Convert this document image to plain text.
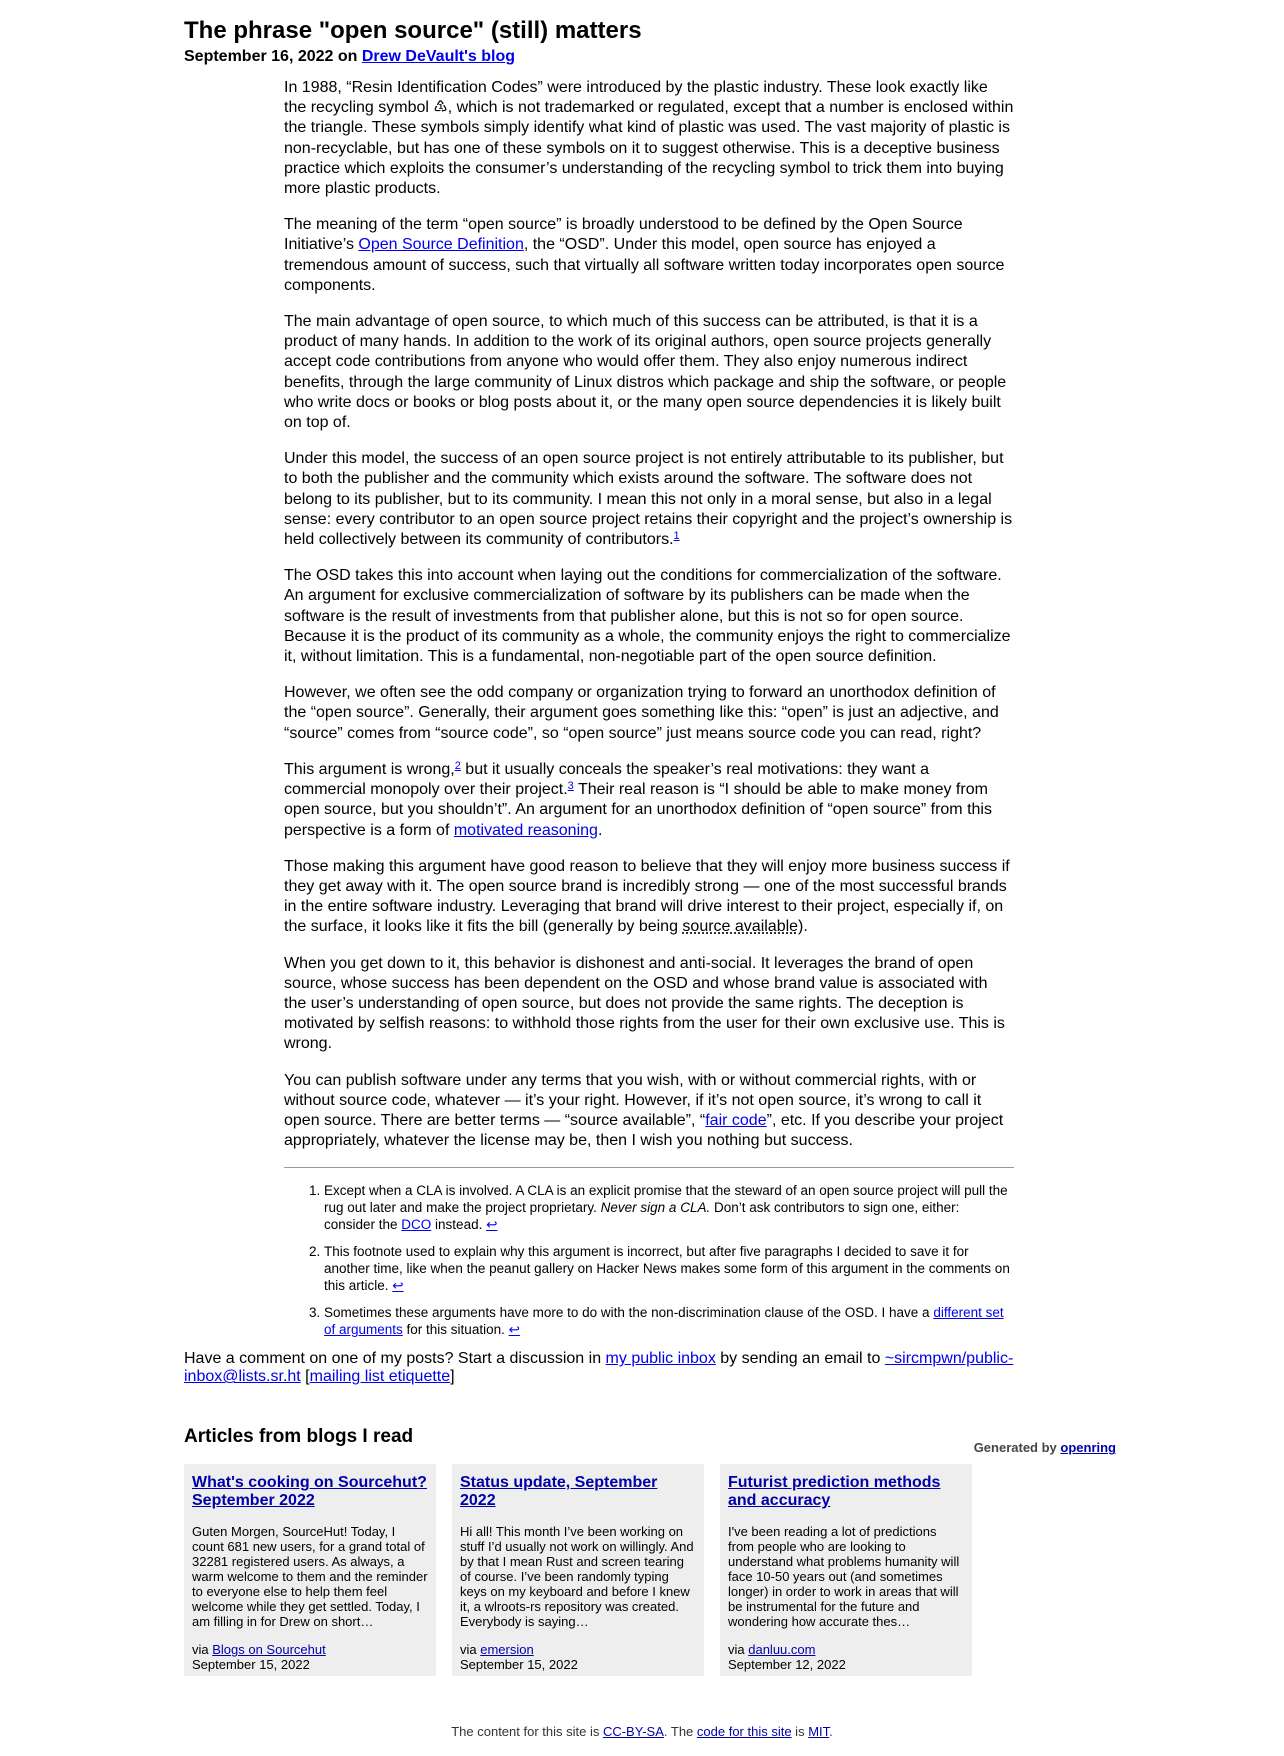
The phrase "open source" (still) matters
September 16, 2022 on Drew DeVault's blog

In 1988, “Resin Identification Codes” were introduced by the plastic industry. These look exactly like the recycling symbol ♳, which is not trademarked or regulated, except that a number is enclosed within the triangle. These symbols simply identify what kind of plastic was used. The vast majority of plastic is non-recyclable, but has one of these symbols on it to suggest otherwise. This is a deceptive business practice which exploits the consumer’s understanding of the recycling symbol to trick them into buying more plastic products.

The meaning of the term “open source” is broadly understood to be defined by the Open Source Initiative’s Open Source Definition, the “OSD”. Under this model, open source has enjoyed a tremendous amount of success, such that virtually all software written today incorporates open source components.

The main advantage of open source, to which much of this success can be attributed, is that it is a product of many hands. In addition to the work of its original authors, open source projects generally accept code contributions from anyone who would offer them. They also enjoy numerous indirect benefits, through the large community of Linux distros which package and ship the software, or people who write docs or books or blog posts about it, or the many open source dependencies it is likely built on top of.

Under this model, the success of an open source project is not entirely attributable to its publisher, but to both the publisher and the community which exists around the software. The software does not belong to its publisher, but to its community. I mean this not only in a moral sense, but also in a legal sense: every contributor to an open source project retains their copyright and the project’s ownership is held collectively between its community of contributors.$^1$

The OSD takes this into account when laying out the conditions for commercialization of the software. An argument for exclusive commercialization of software by its publishers can be made when the software is the result of investments from that publisher alone, but this is not so for open source. Because it is the product of its community as a whole, the community enjoys the right to commercialize it, without limitation. This is a fundamental, non-negotiable part of the open source definition.

However, we often see the odd company or organization trying to forward an unorthodox definition of the “open source”. Generally, their argument goes something like this: “open” is just an adjective, and “source” comes from “source code”, so “open source” just means source code you can read, right?

This argument is wrong,$^2$ but it usually conceals the speaker’s real motivations: they want a commercial monopoly over their project.$^3$ Their real reason is “I should be able to make money from open source, but you shouldn’t”. An argument for an unorthodox definition of “open source” from this perspective is a form of motivated reasoning.

Those making this argument have good reason to believe that they will enjoy more business success if they get away with it. The open source brand is incredibly strong — one of the most successful brands in the entire software industry. Leveraging that brand will drive interest to their project, especially if, on the surface, it looks like it fits the bill (generally by being source available).

When you get down to it, this behavior is dishonest and anti-social. It leverages the brand of open source, whose success has been dependent on the OSD and whose brand value is associated with the user’s understanding of open source, but does not provide the same rights. The deception is motivated by selfish reasons: to withhold those rights from the user for their own exclusive use. This is wrong.

You can publish software under any terms that you wish, with or without commercial rights, with or without source code, whatever — it’s your right. However, if it’s not open source, it’s wrong to call it open source. There are better terms — “source available”, “fair code”, etc. If you describe your project appropriately, whatever the license may be, then I wish you nothing but success.

1. Except when a CLA is involved. A CLA is an explicit promise that the steward of an open source project will pull the rug out later and make the project proprietary. Never sign a CLA. Don’t ask contributors to sign one, either: consider the DCO instead. ↩
2. This footnote used to explain why this argument is incorrect, but after five paragraphs I decided to save it for another time, like when the peanut gallery on Hacker News makes some form of this argument in the comments on this article. ↩
3. Sometimes these arguments have more to do with the non-discrimination clause of the OSD. I have a different set of arguments for this situation. ↩

Have a comment on one of my posts? Start a discussion in my public inbox by sending an email to ~sircmpwn/public-inbox@lists.sr.ht [mailing list etiquette]

Articles from blogs I read
Generated by openring
What's cooking on Sourcehut? September 2022

Guten Morgen, SourceHut! Today, I count 681 new users, for a grand total of 32281 registered users. As always, a warm welcome to them and the reminder to everyone else to help them feel welcome while they get settled. Today, I am filling in for Drew on short…

via Blogs on Sourcehut
September 15, 2022
Status update, September 2022

Hi all! This month I’ve been working on stuff I’d usually not work on willingly. And by that I mean Rust and screen tearing of course. I’ve been randomly typing keys on my keyboard and before I knew it, a wlroots-rs repository was created. Everybody is saying…

via emersion
September 15, 2022
Futurist prediction methods and accuracy

I've been reading a lot of predictions from people who are looking to understand what problems humanity will face 10-50 years out (and sometimes longer) in order to work in areas that will be instrumental for the future and wondering how accurate thes…

via danluu.com
September 12, 2022
The content for this site is CC-BY-SA. The code for this site is MIT.
